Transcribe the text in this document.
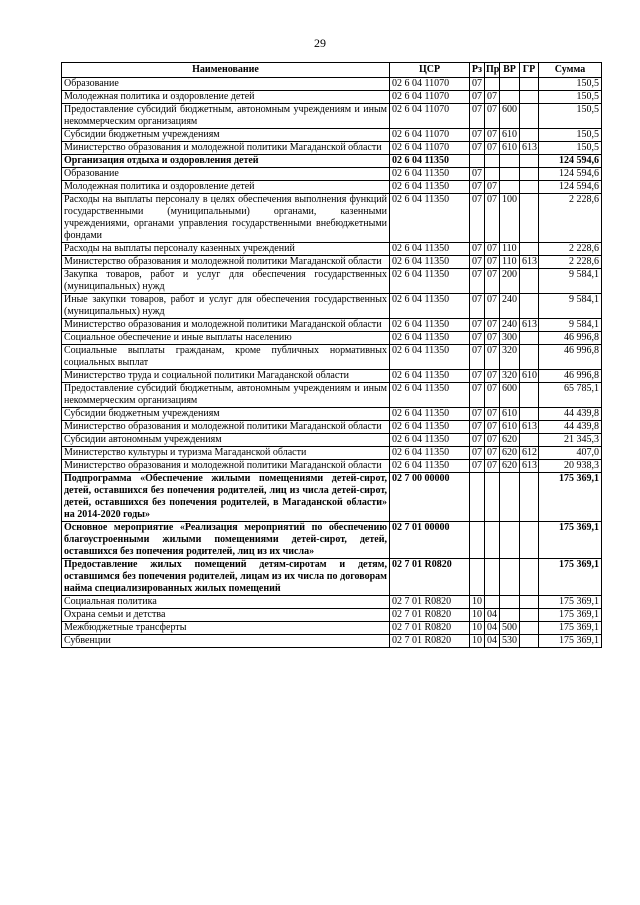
29
Наименование	ЦСР	Рз	Пр	ВР	ГР	Сумма
Образование	02 6 04 11070	07				150,5
Молодежная политика и оздоровление детей	02 6 04 11070	07	07			150,5
Предоставление субсидий бюджетным, автономным учреждениям и иным некоммерческим организациям	02 6 04 11070	07	07	600		150,5
Субсидии бюджетным учреждениям	02 6 04 11070	07	07	610		150,5
Министерство образования и молодежной политики Магаданской области	02 6 04 11070	07	07	610	613	150,5
Организация отдыха и оздоровления детей	02 6 04 11350					124 594,6
Образование	02 6 04 11350	07				124 594,6
Молодежная политика и оздоровление детей	02 6 04 11350	07	07			124 594,6
Расходы на выплаты персоналу в целях обеспечения выполнения функций государственными (муниципальными) органами, казенными учреждениями, органами управления государственными внебюджетными фондами	02 6 04 11350	07	07	100		2 228,6
Расходы на выплаты персоналу казенных учреждений	02 6 04 11350	07	07	110		2 228,6
Министерство образования и молодежной политики Магаданской области	02 6 04 11350	07	07	110	613	2 228,6
Закупка товаров, работ и услуг для обеспечения государственных (муниципальных) нужд	02 6 04 11350	07	07	200		9 584,1
Иные закупки товаров, работ и услуг для обеспечения государственных (муниципальных) нужд	02 6 04 11350	07	07	240		9 584,1
Министерство образования и молодежной политики Магаданской области	02 6 04 11350	07	07	240	613	9 584,1
Социальное обеспечение и иные выплаты населению	02 6 04 11350	07	07	300		46 996,8
Социальные выплаты гражданам, кроме публичных нормативных социальных выплат	02 6 04 11350	07	07	320		46 996,8
Министерство труда и социальной политики Магаданской области	02 6 04 11350	07	07	320	610	46 996,8
Предоставление субсидий бюджетным, автономным учреждениям и иным некоммерческим организациям	02 6 04 11350	07	07	600		65 785,1
Субсидии бюджетным учреждениям	02 6 04 11350	07	07	610		44 439,8
Министерство образования и молодежной политики Магаданской области	02 6 04 11350	07	07	610	613	44 439,8
Субсидии автономным учреждениям	02 6 04 11350	07	07	620		21 345,3
Министерство культуры и туризма Магаданской области	02 6 04 11350	07	07	620	612	407,0
Министерство образования и молодежной политики Магаданской области	02 6 04 11350	07	07	620	613	20 938,3
Подпрограмма «Обеспечение жилыми помещениями детей-сирот, детей, оставшихся без попечения родителей, лиц из числа детей-сирот, детей, оставшихся без попечения родителей, в Магаданской области» на 2014-2020 годы»	02 7 00 00000					175 369,1
Основное мероприятие «Реализация мероприятий по обеспечению благоустроенными жилыми помещениями детей-сирот, детей, оставшихся без попечения родителей, лиц из их числа»	02 7 01 00000					175 369,1
Предоставление жилых помещений детям-сиротам и детям, оставшимся без попечения родителей, лицам из их числа по договорам найма специализированных жилых помещений	02 7 01 R0820					175 369,1
Социальная политика	02 7 01 R0820	10				175 369,1
Охрана семьи и детства	02 7 01 R0820	10	04			175 369,1
Межбюджетные трансферты	02 7 01 R0820	10	04	500		175 369,1
Субвенции	02 7 01 R0820	10	04	530		175 369,1
